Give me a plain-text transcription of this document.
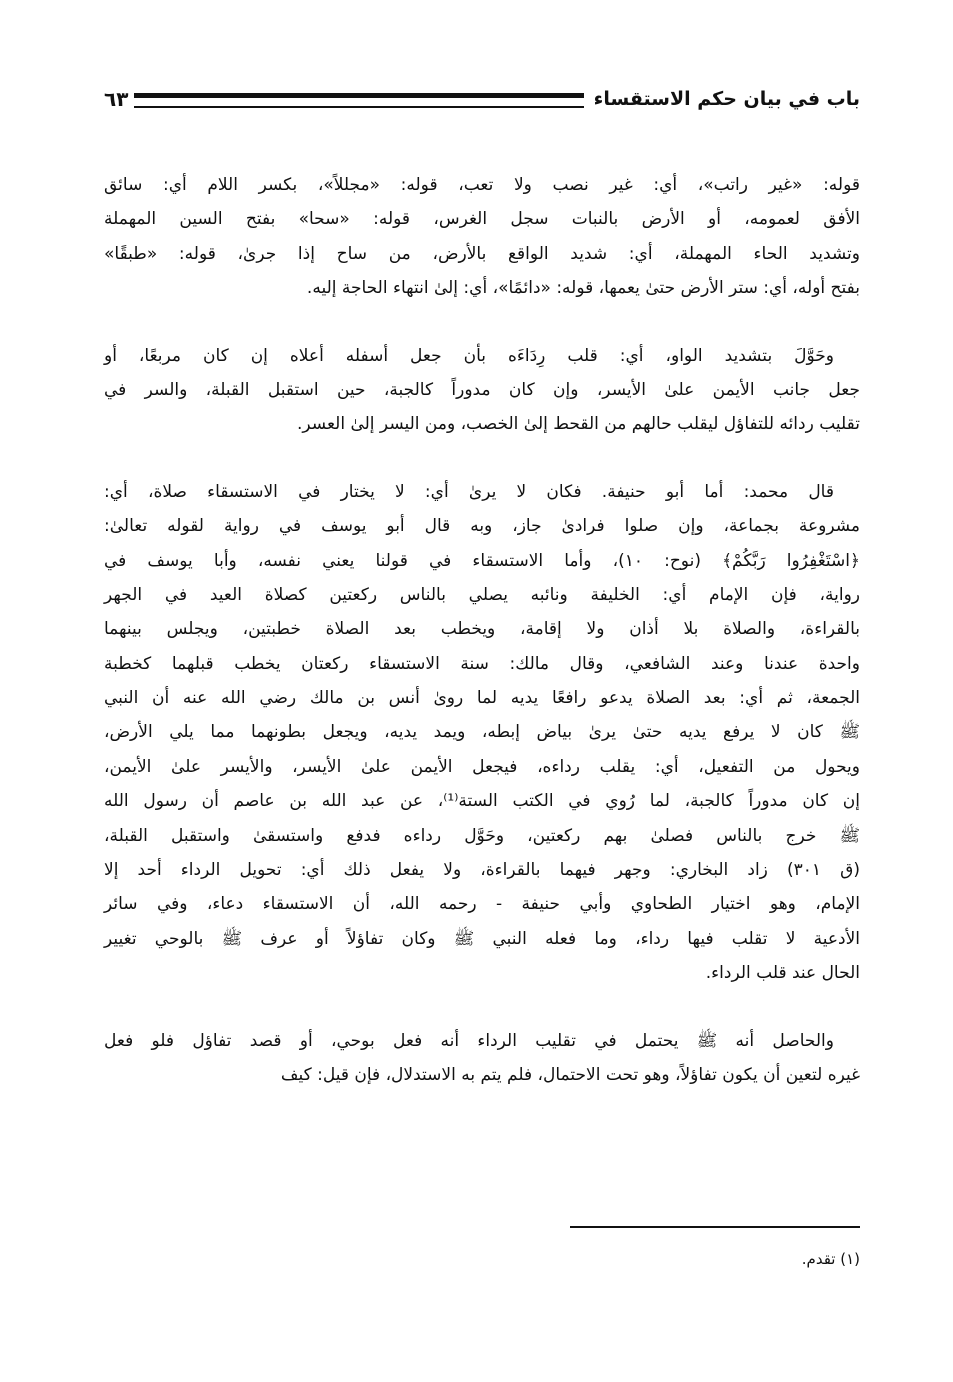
باب في بيان حكم الاستقساء
٦٣
قوله: «غير راتب»، أي: غير نصب ولا تعب، قوله: «مجللاً»، بكسر اللام أي: سائق
الأفق لعمومه، أو الأرض بالنبات سجل الغرس، قوله: «سحا» بفتح السين المهملة
وتشديد الحاء المهملة، أي: شديد الواقع بالأرض، من ساح إذا جرىٰ، قوله: «طبقًا»
بفتح أوله، أي: ستر الأرض حتىٰ يعمها، قوله: «دائمًا»، أي: إلىٰ انتهاء الحاجة إليه.
وحَوَّلَ بتشديد الواو، أي: قلب رِدَاءَه بأن جعل أسفله أعلاه إن كان مربعًا، أو
جعل جانب الأيمن علىٰ الأيسر، وإن كان مدوراً كالجبة، حين استقبل القبلة، والسر في
تقليب ردائه للتفاؤل ليقلب حالهم من القحط إلىٰ الخصب، ومن اليسر إلىٰ العسر.
قال محمد: أما أبو حنيفة. فكان لا يرىٰ أي: لا يختار في الاستسقاء صلاة، أي:
مشروعة بجماعة، وإن صلوا فرادىٰ جاز، وبه قال أبو يوسف في رواية لقوله تعالىٰ:
﴿اسْتَغْفِرُوا رَبَّكُمْ﴾ (نوح: ١٠)، وأما الاستسقاء في قولنا يعني نفسه، وأبا يوسف في
رواية، فإن الإمام أي: الخليفة ونائبه يصلي بالناس ركعتين كصلاة العيد في الجهر
بالقراءة، والصلاة بلا أذان ولا إقامة، ويخطب بعد الصلاة خطبتين، ويجلس بينهما
واحدة عندنا وعند الشافعي، وقال مالك: سنة الاستسقاء ركعتان يخطب قبلهما كخطبة
الجمعة، ثم أي: بعد الصلاة يدعو رافعًا يديه لما روىٰ أنس بن مالك رضي الله عنه أن النبي
ﷺ كان لا يرفع يديه حتىٰ يرىٰ بياض إبطه، ويمد يديه، ويجعل بطونهما مما يلي الأرض،
ويحول من التفعيل، أي: يقلب رداءه، فيجعل الأيمن علىٰ الأيسر، والأيسر علىٰ الأيمن،
إن كان مدوراً كالجبة، لما رُوي في الكتب الستة⁽¹⁾، عن عبد الله بن عاصم أن رسول الله
ﷺ خرج بالناس فصلىٰ بهم ركعتين، وحَوَّل رداءه فدفع واستسقىٰ واستقبل القبلة،
(ق ٣٠١) زاد البخاري: وجهر فيهما بالقراءة، ولا يفعل ذلك أي: تحويل الرداء أحد إلا
الإمام، وهو اختيار الطحاوي وأبي حنيفة - رحمه الله، أن الاستسقاء دعاء، وفي سائر
الأدعية لا تقلب فيها رداء، وما فعله النبي ﷺ وكان تفاؤلاً أو عرف ﷺ بالوحي تغيير
الحال عند قلب الرداء.
والحاصل أنه ﷺ يحتمل في تقليب الرداء أنه فعل بوحي، أو قصد تفاؤل فلو فعل
غيره لتعين أن يكون تفاؤلاً، وهو تحت الاحتمال، فلم يتم به الاستدلال، فإن قيل: كيف
(١) تقدم.
